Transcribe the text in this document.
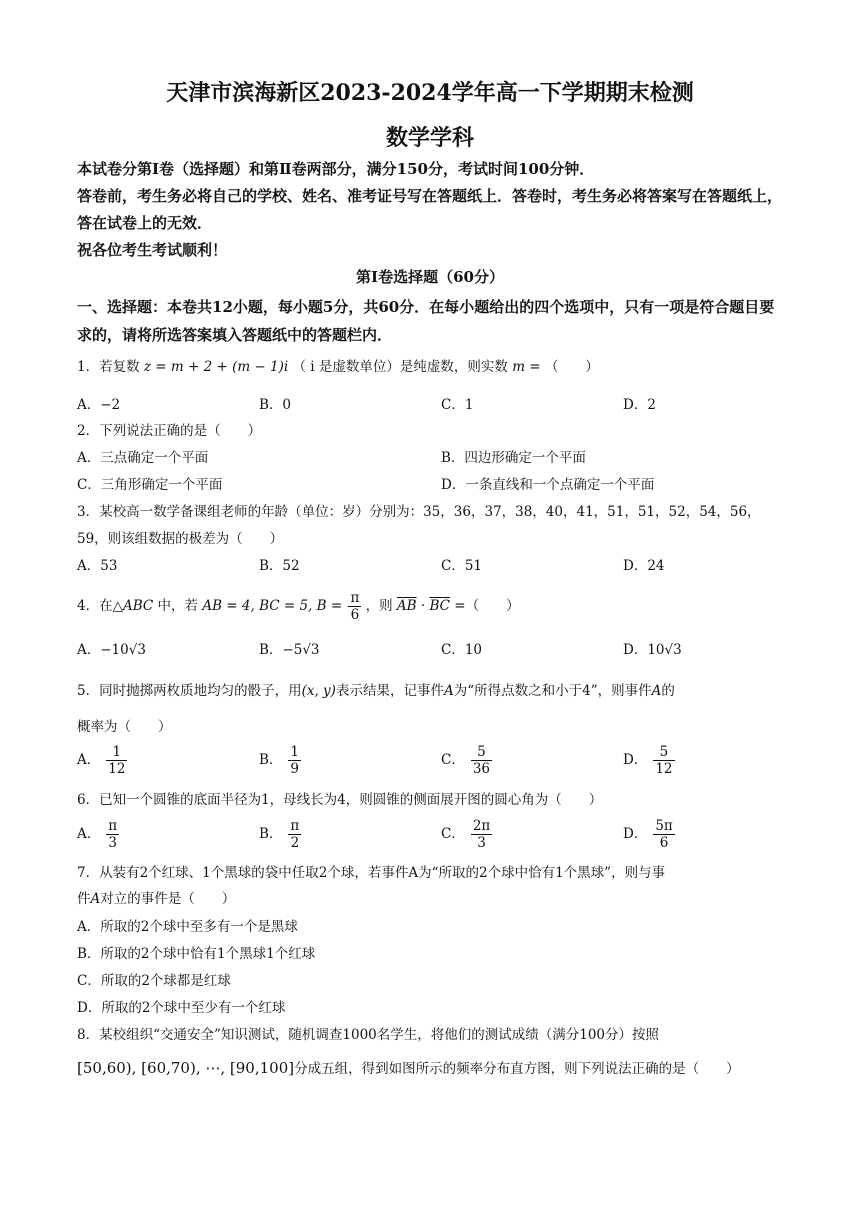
天津市滨海新区2023-2024学年高一下学期期末检测
数学学科
本试卷分第Ⅰ卷（选择题）和第Ⅱ卷两部分，满分150分，考试时间100分钟．
答卷前，考生务必将自己的学校、姓名、准考证号写在答题纸上．答卷时，考生务必将答案写在答题纸上，答在试卷上的无效．
祝各位考生考试顺利！
第Ⅰ卷选择题（60分）
一、选择题：本卷共12小题，每小题5分，共60分．在每小题给出的四个选项中，只有一项是符合题目要求的，请将所选答案填入答题纸中的答题栏内．
1．若复数 z = m + 2 + (m − 1)i （ i 是虚数单位）是纯虚数，则实数 m = （　　）
A．−2	B．0	C．1	D．2
2．下列说法正确的是（　　）
A．三点确定一个平面	B．四边形确定一个平面
C．三角形确定一个平面	D．一条直线和一个点确定一个平面
3．某校高一数学备课组老师的年龄（单位：岁）分别为：35，36，37，38，40，41，51，51，52，54，56，
59，则该组数据的极差为（　　）
A．53	B．52	C．51	D．24
4．在△ABC 中，若 AB = 4, BC = 5, $B = \frac{\pi}{6}$ ，则 $\overline{AB} \cdot \overline{BC}$ =（　　）
A．−10√3	B．−5√3	C．10	D．10√3
5．同时抛掷两枚质地均匀的骰子，用(x, y)表示结果，记事件A为“所得点数之和小于4”，则事件A的
概率为（　　）
A． $\frac{1}{12}$	B． $\frac{1}{9}$	C． $\frac{5}{36}$	D． $\frac{5}{12}$
6．已知一个圆锥的底面半径为1，母线长为4，则圆锥的侧面展开图的圆心角为（　　）
A． $\frac{\pi}{3}$	B． $\frac{\pi}{2}$	C． $\frac{2\pi}{3}$	D． $\frac{5\pi}{6}$
7．从装有2个红球、1个黑球的袋中任取2个球，若事件A为“所取的2个球中恰有1个黑球”，则与事
件A对立的事件是（　　）
A．所取的2个球中至多有一个是黑球
B．所取的2个球中恰有1个黑球1个红球
C．所取的2个球都是红球
D．所取的2个球中至少有一个红球
8．某校组织“交通安全”知识测试，随机调查1000名学生，将他们的测试成绩（满分100分）按照
[50,60), [60,70), ⋯, [90,100]分成五组，得到如图所示的频率分布直方图，则下列说法正确的是（　　）
